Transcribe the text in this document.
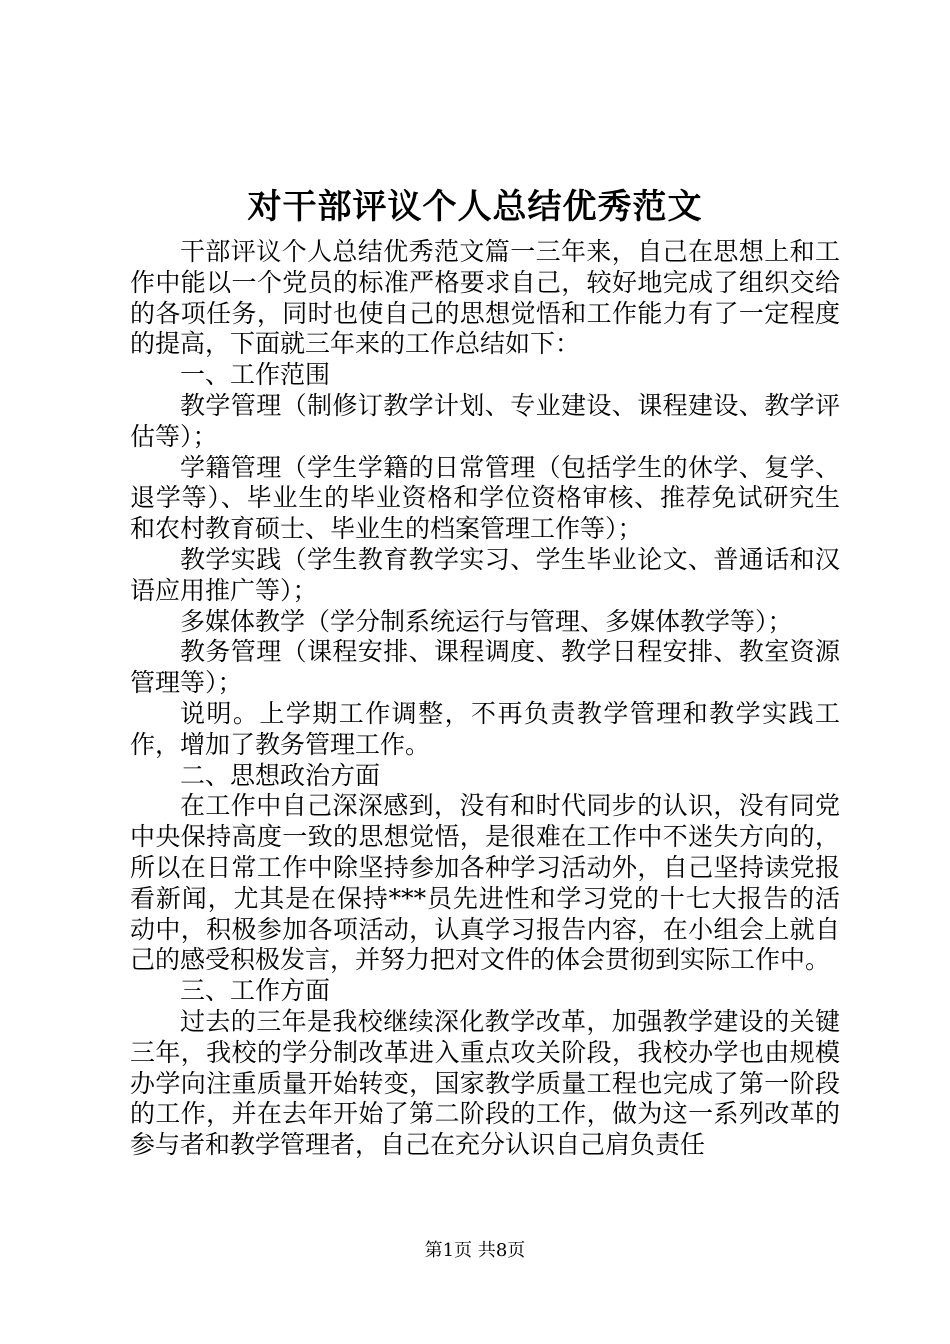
对干部评议个人总结优秀范文

干部评议个人总结优秀范文篇一三年来，自己在思想上和工作中能以一个党员的标准严格要求自己，较好地完成了组织交给的各项任务，同时也使自己的思想觉悟和工作能力有了一定程度的提高，下面就三年来的工作总结如下：

一、工作范围

教学管理（制修订教学计划、专业建设、课程建设、教学评估等）；

学籍管理（学生学籍的日常管理（包括学生的休学、复学、退学等）、毕业生的毕业资格和学位资格审核、推荐免试研究生和农村教育硕士、毕业生的档案管理工作等）；

教学实践（学生教育教学实习、学生毕业论文、普通话和汉语应用推广等）；

多媒体教学（学分制系统运行与管理、多媒体教学等）；

教务管理（课程安排、课程调度、教学日程安排、教室资源管理等）；

说明。上学期工作调整，不再负责教学管理和教学实践工作，增加了教务管理工作。

二、思想政治方面

在工作中自己深深感到，没有和时代同步的认识，没有同党中央保持高度一致的思想觉悟，是很难在工作中不迷失方向的，所以在日常工作中除坚持参加各种学习活动外，自己坚持读党报看新闻，尤其是在保持***员先进性和学习党的十七大报告的活动中，积极参加各项活动，认真学习报告内容，在小组会上就自己的感受积极发言，并努力把对文件的体会贯彻到实际工作中。

三、工作方面

过去的三年是我校继续深化教学改革，加强教学建设的关键三年，我校的学分制改革进入重点攻关阶段，我校办学也由规模办学向注重质量开始转变，国家教学质量工程也完成了第一阶段的工作，并在去年开始了第二阶段的工作，做为这一系列改革的参与者和教学管理者，自己在充分认识自己肩负责任

第1页 共8页
